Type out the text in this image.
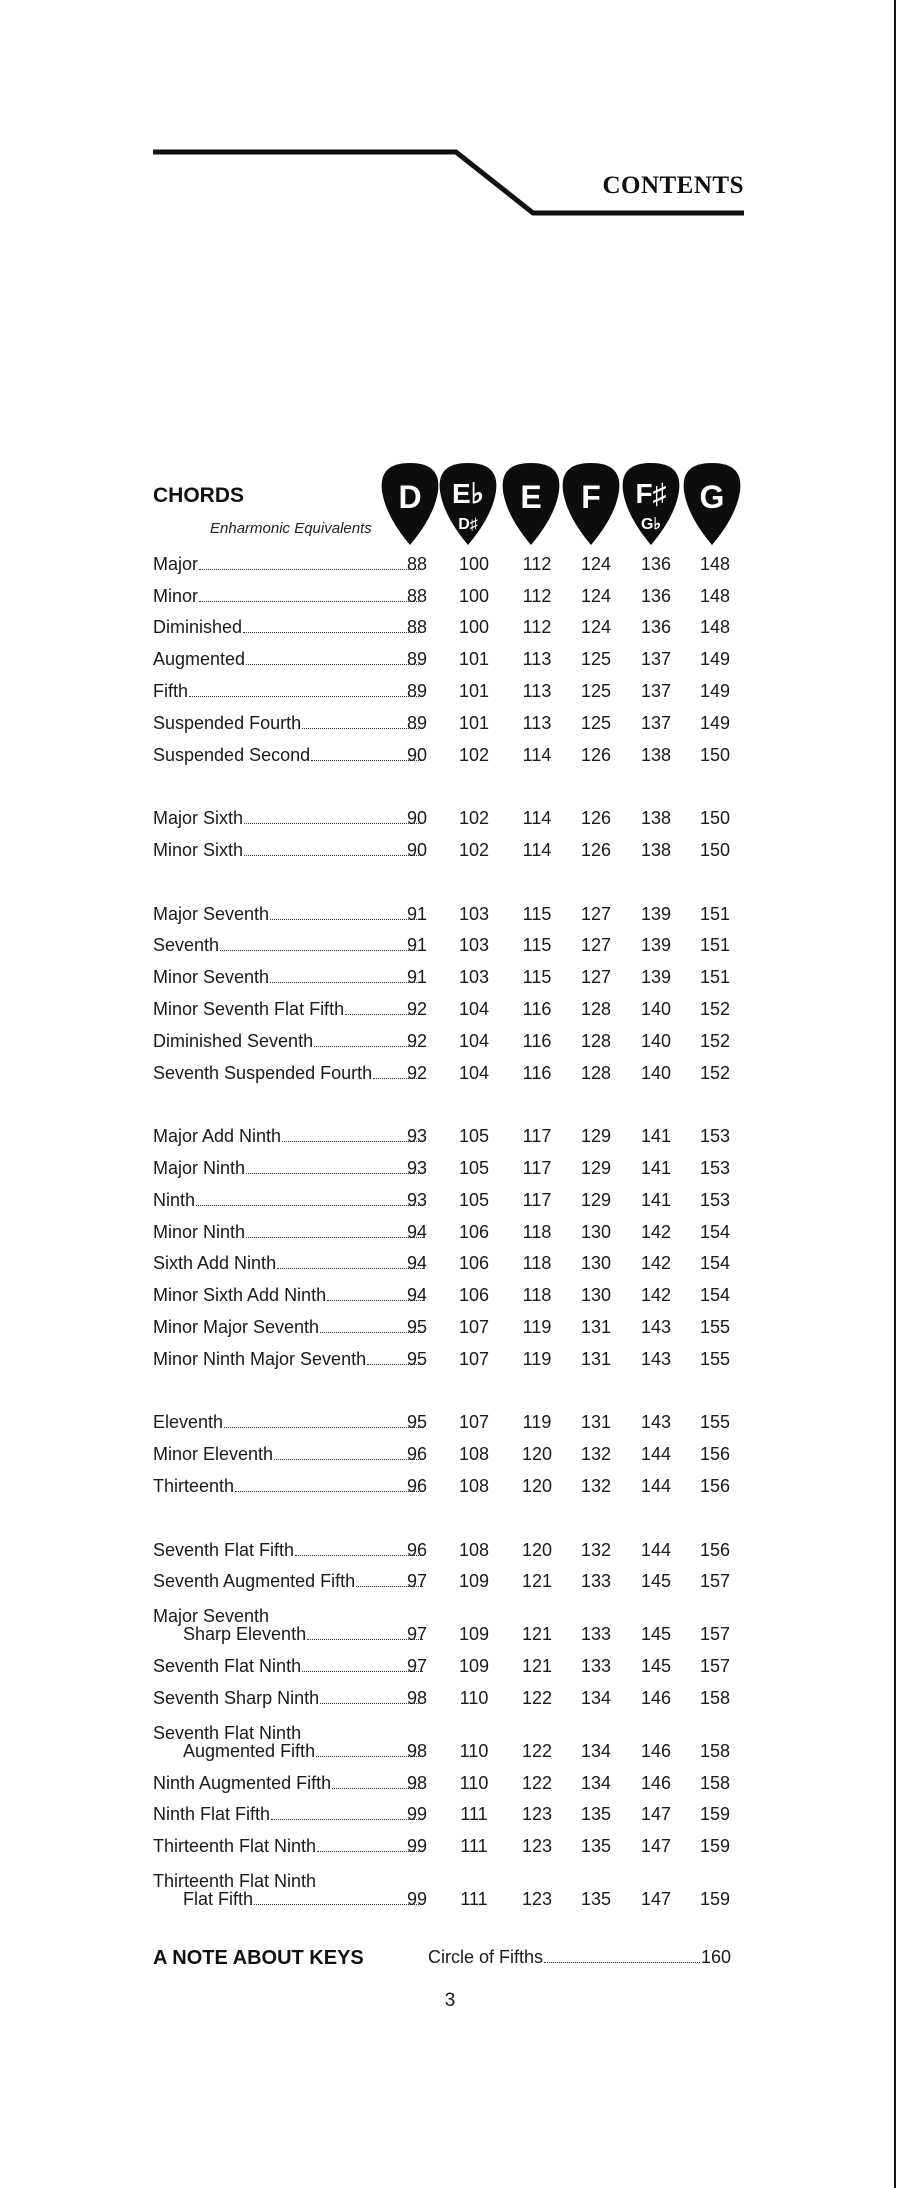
CONTENTS
CHORDS
Enharmonic Equivalents
D E♭
D♯
E F F♯
G♭
G
Major	88 100	112	124 136 148
Minor	88 100	112	124 136 148
Diminished	88 100	112	124 136 148
Augmented	89 101	113	125 137 149
Fifth	89 101	113	125 137 149
Suspended Fourth	89 101	113	125 137 149
Suspended Second	90 102	114	126 138 150
Major Sixth	90 102	114	126 138 150
Minor Sixth	90 102	114	126 138 150
Major Seventh	91 103	115	127 139 151
Seventh	91 103	115	127 139 151
Minor Seventh	91 103	115	127 139 151
Minor Seventh Flat Fifth	92 104	116	128 140 152
Diminished Seventh	92 104	116	128 140 152
Seventh Suspended Fourth	92 104	116	128 140 152
Major Add Ninth	93 105	117	129 141 153
Major Ninth	93 105	117	129 141 153
Ninth	93 105	117	129 141 153
Minor Ninth	94 106	118	130 142 154
Sixth Add Ninth	94 106	118	130 142 154
Minor Sixth Add Ninth	94 106	118	130 142 154
Minor Major Seventh	95 107	119	131 143 155
Minor Ninth Major Seventh	95 107	119	131 143 155
Eleventh	95 107	119	131 143 155
Minor Eleventh	96 108 120 132 144 156
Thirteenth	96 108 120 132 144 156
Seventh Flat Fifth	96 108 120 132 144 156
Seventh Augmented Fifth	97 109 121 133 145 157
Major Seventh
Sharp Eleventh	97 109 121 133 145 157
Seventh Flat Ninth	97 109 121 133 145 157
Seventh Sharp Ninth	98	110	122 134 146 158
Seventh Flat Ninth
Augmented Fifth	98	110	122 134 146 158
Ninth Augmented Fifth	98	110	122 134 146 158
Ninth Flat Fifth	99	111	123 135 147 159
Thirteenth Flat Ninth	99	111	123 135 147 159
Thirteenth Flat Ninth
Flat Fifth	99	111	123 135 147 159
A NOTE ABOUT KEYS	Circle of Fifths	160
3
